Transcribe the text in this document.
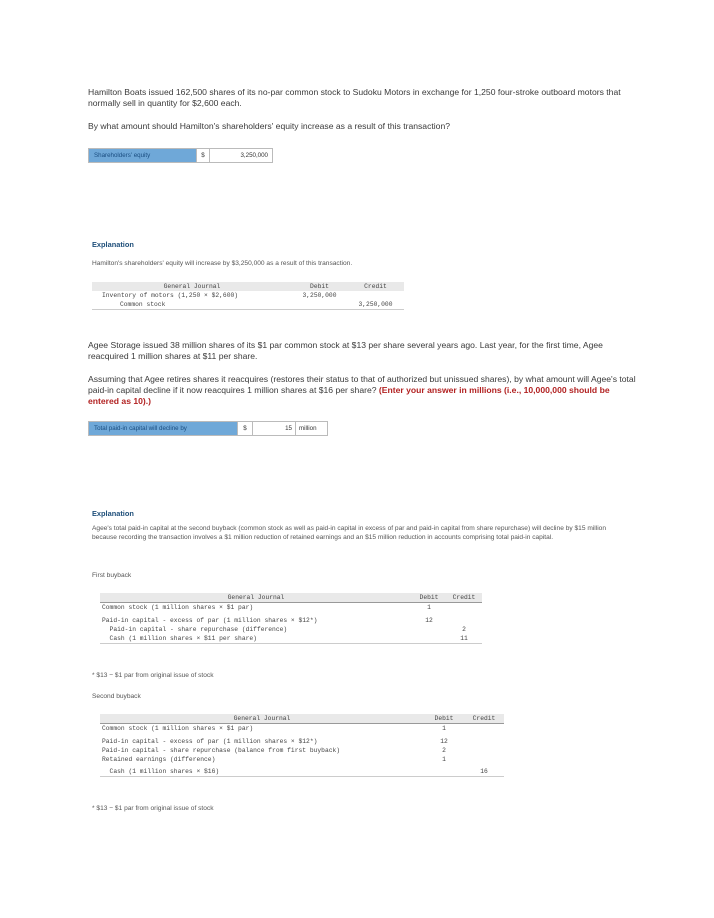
Hamilton Boats issued 162,500 shares of its no-par common stock to Sudoku Motors in exchange for 1,250 four-stroke outboard motors that normally sell in quantity for $2,600 each.
By what amount should Hamilton's shareholders' equity increase as a result of this transaction?
Shareholders' equity	$	3,250,000
Explanation
Hamilton's shareholders' equity will increase by $3,250,000 as a result of this transaction.
General Journal	Debit	Credit
Inventory of motors (1,250 × $2,600)	3,250,000	
Common stock		3,250,000
Agee Storage issued 38 million shares of its $1 par common stock at $13 per share several years ago. Last year, for the first time, Agee reacquired 1 million shares at $11 per share.
Assuming that Agee retires shares it reacquires (restores their status to that of authorized but unissued shares), by what amount will Agee's total paid-in capital decline if it now reacquires 1 million shares at $16 per share? (Enter your answer in millions (i.e., 10,000,000 should be entered as 10).)
Total paid-in capital will decline by	$	15	million
Explanation
Agee's total paid-in capital at the second buyback (common stock as well as paid-in capital in excess of par and paid-in capital from share repurchase) will decline by $15 million because recording the transaction involves a $1 million reduction of retained earnings and an $15 million reduction in accounts comprising total paid-in capital.
First buyback
General Journal	Debit	Credit
Common stock (1 million shares × $1 par)	1	

Paid-in capital - excess of par (1 million shares × $12*)	12	
Paid-in capital - share repurchase (difference)		2
Cash (1 million shares × $11 per share)		11
* $13 − $1 par from original issue of stock
Second buyback
General Journal	Debit	Credit
Common stock (1 million shares × $1 par)	1	

Paid-in capital - excess of par (1 million shares × $12*)	12	
Paid-in capital - share repurchase (balance from first buyback)	2	
Retained earnings (difference)	1	

Cash (1 million shares × $16)		16
* $13 − $1 par from original issue of stock
